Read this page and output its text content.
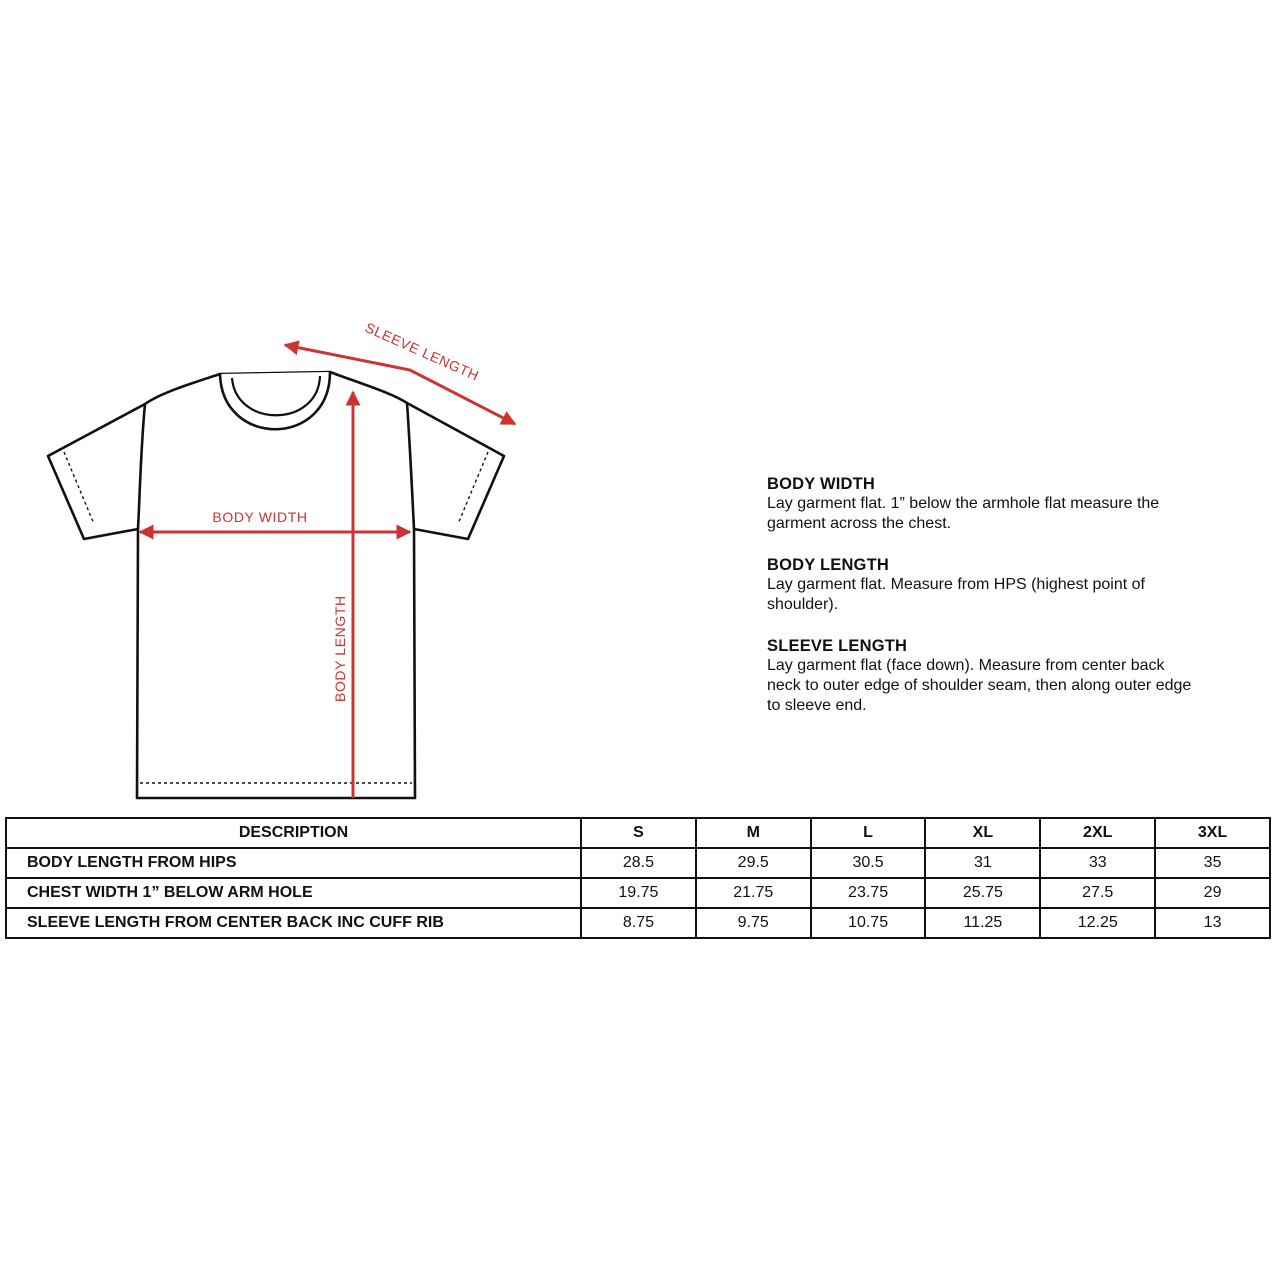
SLEEVE LENGTH
BODY WIDTH
BODY LENGTH
BODY WIDTH
Lay garment flat. 1” below the armhole flat measure the garment across the chest.
BODY LENGTH
Lay garment flat. Measure from HPS (highest point of shoulder).
SLEEVE LENGTH
Lay garment flat (face down). Measure from center back neck to outer edge of shoulder seam, then along outer edge to sleeve end.
DESCRIPTION	S	M	L	XL	2XL	3XL
BODY LENGTH FROM HIPS	28.5	29.5	30.5	31	33	35
CHEST WIDTH 1” BELOW ARM HOLE	19.75	21.75	23.75	25.75	27.5	29
SLEEVE LENGTH FROM CENTER BACK INC CUFF RIB	8.75	9.75	10.75	11.25	12.25	13
